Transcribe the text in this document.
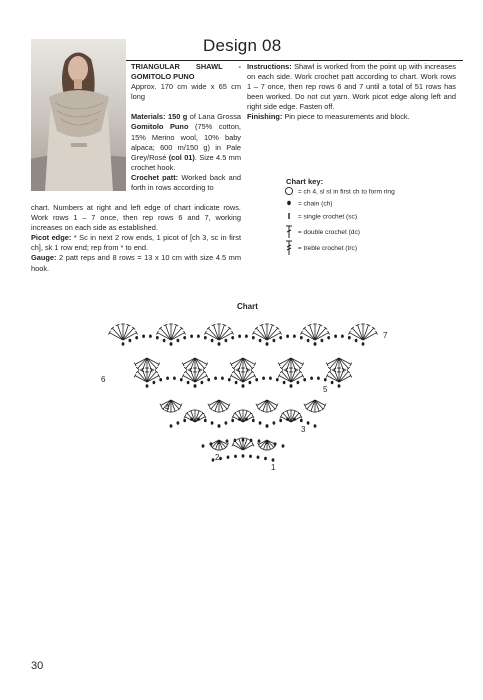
Design 08

TRIANGULAR SHAWL - GOMITOLO PUNO

Approx. 170 cm wide x 65 cm long

Materials: 150 g of Lana Grossa Gomitolo Puno (75% cotton, 15% Merino wool, 10% baby alpaca; 600 m/150 g) in Pale Grey/Rosé (col 01). Size 4.5 mm crochet hook.

Crochet patt: Worked back and forth in rows according to

chart. Numbers at right and left edge of chart indicate rows. Work rows 1 – 7 once, then rep rows 6 and 7, working increases on each side as established.

Picot edge: * Sc in next 2 row ends, 1 picot of [ch 3, sc in first ch], sk 1 row end; rep from * to end.

Gauge: 2 patt reps and 8 rows = 13 x 10 cm with size 4.5 mm hook.

Instructions: Shawl is worked from the point up with increases on each side. Work crochet patt according to chart. Work rows 1 – 7 once, then rep rows 6 and 7 until a total of 51 rows has been worked. Do not cut yarn. Work picot edge along left and right side edge. Fasten off.

Finishing: Pin piece to measurements and block.

Chart key:
= ch 4, sl st in first ch to form ring
= chain (ch)
= single crochet (sc)
= double crochet (dc)
= treble crochet (trc)
Chart
2
4
6
7
5
3
1
30
